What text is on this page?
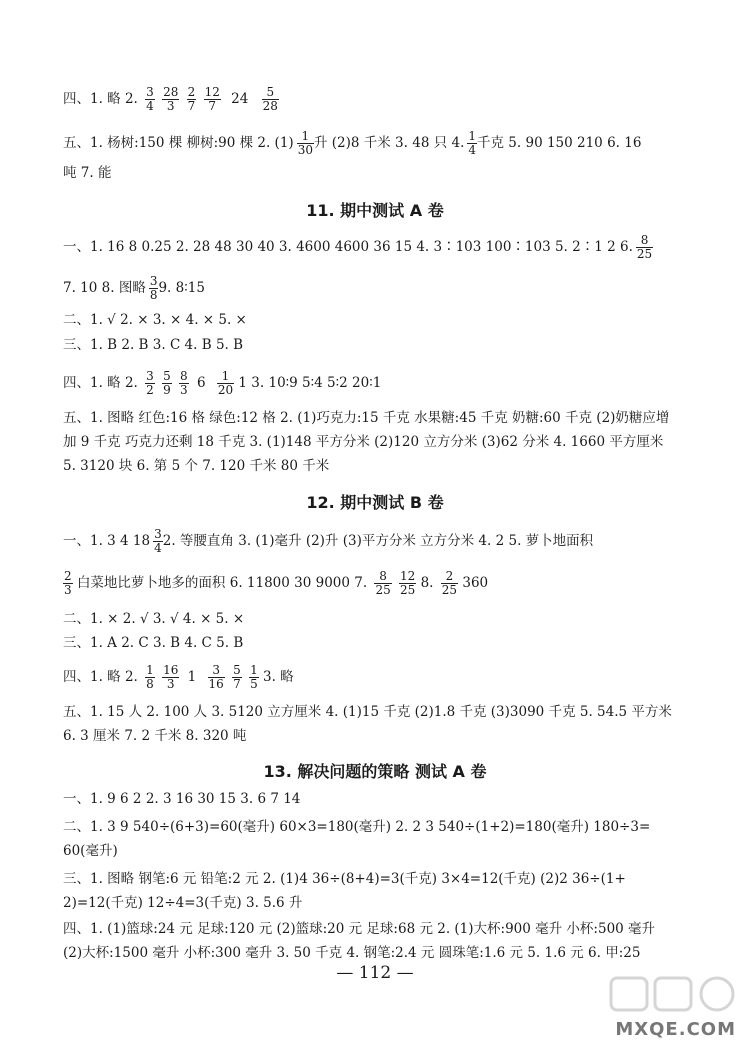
四、1. 略 2. $\frac{3}{4}$
$\frac{28}{3}$
$\frac{2}{7}$
$\frac{12}{7} 24 \frac{5}{28}$
五、1. 杨树:150 棵 柳树:90 棵 2. $(1) \frac{1}{30}$ 升 (2)8 千米 3. 48 只 4. $\frac{1}{4}$ 千克 5. 90 150 210 6. 16
吨 7. 能
11. 期中测试 A 卷
一、1. 16 8 0.25 2. 28 48 30 40 3. 4600 4600 36 15 4. 3∶103 100∶103 5. 2∶1 2 6. $\frac{8}{25}$
7. 10 8. 图略 $\frac{3}{8} 9$. 8∶15
二、1. √ 2. × 3. × 4. × 5. ×
三、1. B 2. B 3. C 4. B 5. B
四、1. 略 2. $\frac{3}{2}$
$\frac{5}{9}$
$\frac{8}{3} 6 \frac{1}{20} 1$ 3. 10∶9 5∶4 5∶2 20∶1
五、1. 图略 红色:16 格 绿色:12 格 2. (1)巧克力:15 千克 水果糖:45 千克 奶糖:60 千克 (2)奶糖应增
加 9 千克 巧克力还剩 18 千克 3. (1)148 平方分米 (2)120 立方分米 (3)62 分米 4. 1660 平方厘米
5. 3120 块 6. 第 5 个 7. 120 千米 80 千米
12. 期中测试 B 卷
一、1. 3 4 $18 \frac{3}{4} 2$. 等腰直角 3. (1)毫升 (2)升 (3)平方分米 立方分米 4. 2 5. 萝卜地面积
$\frac{2}{3}$ 白菜地比萝卜地多的面积 6. 11800 30 9000 7. $\frac{8}{25}$
$\frac{12}{25} 8$. $\frac{2}{25} 360$
二、1. × 2. √ 3. √ 4. × 5. ×
三、1. A 2. C 3. B 4. C 5. B
四、1. 略 2. $\frac{1}{8}$
$\frac{16}{3} 1 \frac{3}{16}$
$\frac{5}{7}$
$\frac{1}{5} 3$. 略
五、1. 15 人 2. 100 人 3. 5120 立方厘米 4. (1)15 千克 (2)1.8 千克 (3)3090 千克 5. 54.5 平方米
6. 3 厘米 7. 2 千米 8. 320 吨
13. 解决问题的策略 测试 A 卷
一、1. 9 6 2 2. 3 16 30 15 3. 6 7 14
二、1. 3 9 540÷(6+3)=60(毫升) 60×3=180(毫升) 2. 2 3 540÷(1+2)=180(毫升) 180÷3=
60(毫升)
三、1. 图略 钢笔:6 元 铅笔:2 元 2. (1)4 36÷(8+4)=3(千克) 3×4=12(千克) (2)2 36÷(1+
2)=12(千克) 12÷4=3(千克) 3. 5.6 升
四、1. (1)篮球:24 元 足球:120 元 (2)篮球:20 元 足球:68 元 2. (1)大杯:900 毫升 小杯:500 毫升
(2)大杯:1500 毫升 小杯:300 毫升 3. 50 千克 4. 钢笔:2.4 元 圆珠笔:1.6 元 5. 1.6 元 6. 甲:25
— 112 —
MXQE.COM
